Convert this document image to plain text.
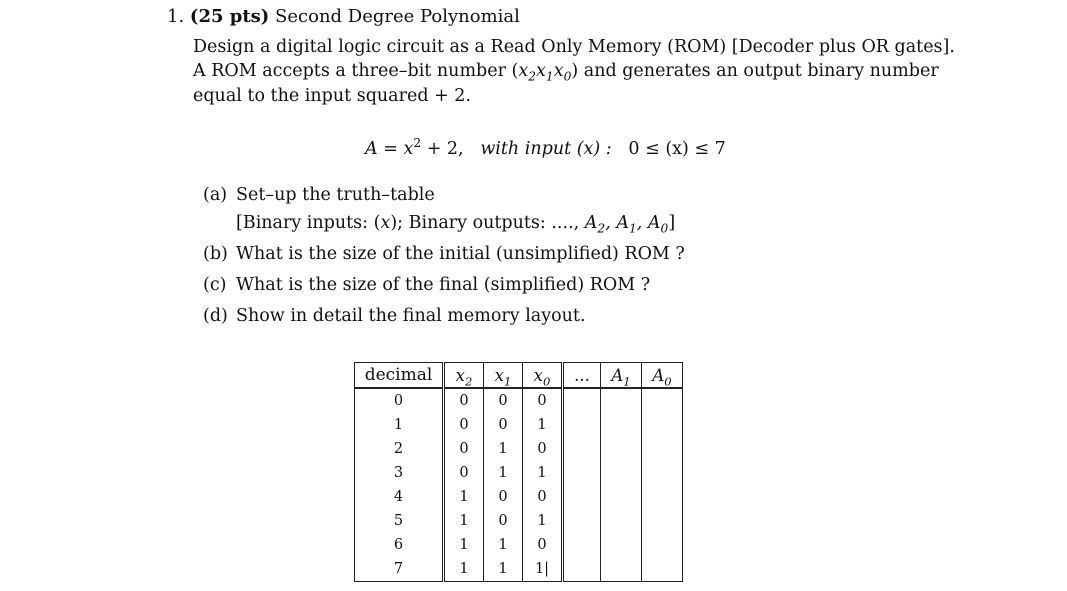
1. (25 pts) Second Degree Polynomial
Design a digital logic circuit as a Read Only Memory (ROM) [Decoder plus OR gates].
A ROM accepts a three–bit number $(x_2x_1x_0)$ and generates an output binary number
equal to the input squared + 2.
$A = x^2 + 2$, with input (x) : 0 ≤ (x) ≤ 7
(a) Set–up the truth–table
[Binary inputs: (x); Binary outputs: ...., $A_2$, $A_1$, $A_0$]
(b) What is the size of the initial (unsimplified) ROM ?
(c) What is the size of the final (simplified) ROM ?
(d) Show in detail the final memory layout.
decimal	$x_2$	$x_1$	$x_0$	...	$A_1$	$A_0$
0	0	0	0			
1	0	0	1			
2	0	1	0			
3	0	1	1			
4	1	0	0			
5	1	0	1			
6	1	1	0			
7	1	1	1|			
